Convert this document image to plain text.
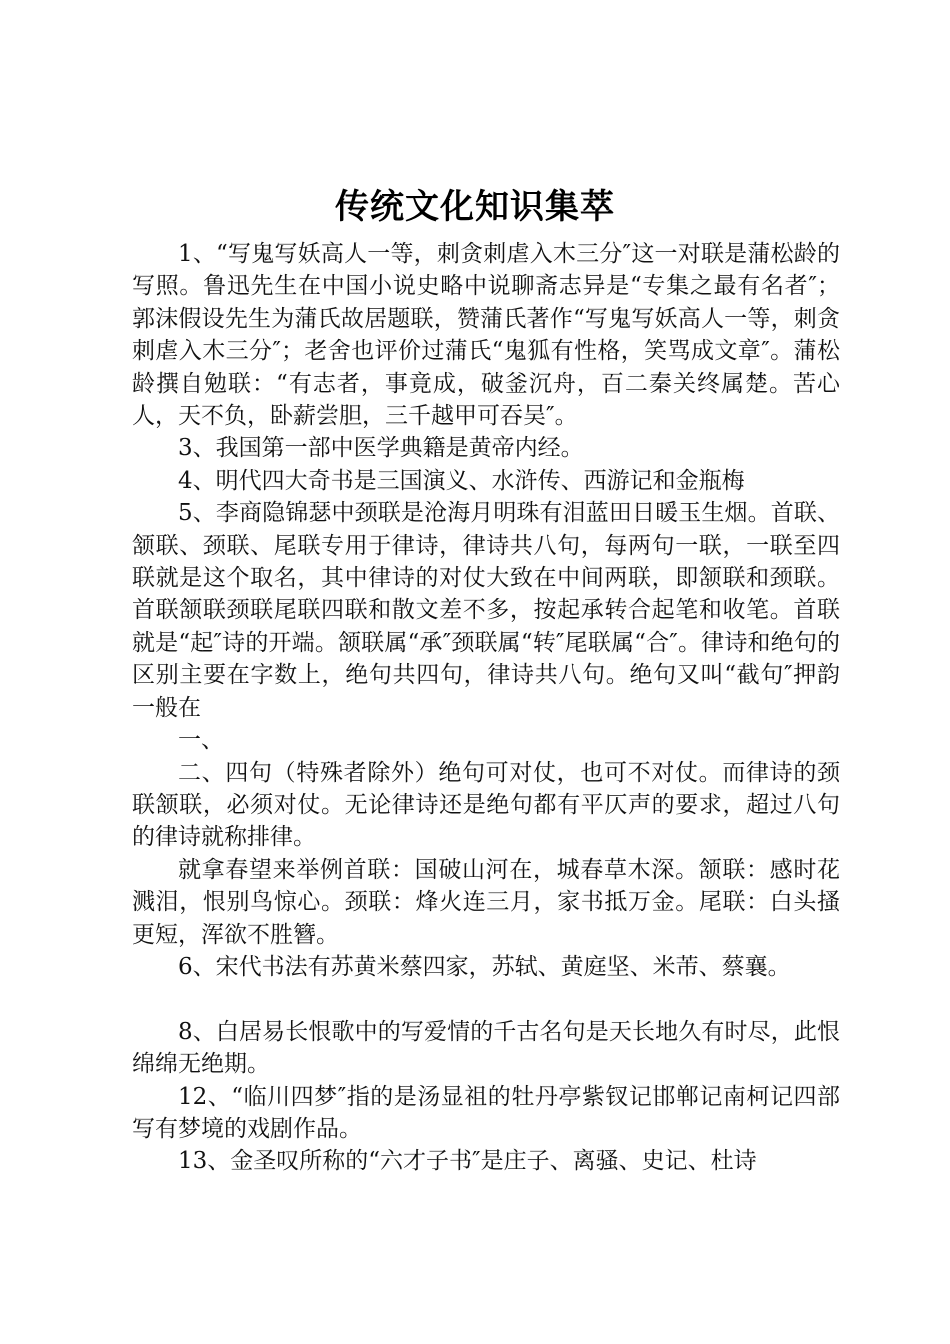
传统文化知识集萃

1、“写鬼写妖高人一等，刺贪刺虐入木三分″这一对联是蒲松龄的写照。鲁迅先生在中国小说史略中说聊斋志异是“专集之最有名者″；郭沫假设先生为蒲氏故居题联，赞蒲氏著作“写鬼写妖高人一等，刺贪刺虐入木三分″；老舍也评价过蒲氏“鬼狐有性格，笑骂成文章″。蒲松龄撰自勉联：“有志者，事竟成，破釜沉舟，百二秦关终属楚。苦心人，天不负，卧薪尝胆，三千越甲可吞吴″。

3、我国第一部中医学典籍是黄帝内经。

4、明代四大奇书是三国演义、水浒传、西游记和金瓶梅

5、李商隐锦瑟中颈联是沧海月明珠有泪蓝田日暖玉生烟。首联、颔联、颈联、尾联专用于律诗，律诗共八句，每两句一联，一联至四联就是这个取名，其中律诗的对仗大致在中间两联，即颔联和颈联。首联颔联颈联尾联四联和散文差不多，按起承转合起笔和收笔。首联就是“起″诗的开端。颔联属“承″颈联属“转″尾联属“合″。律诗和绝句的区别主要在字数上，绝句共四句，律诗共八句。绝句又叫“截句″押韵一般在

一、

二、四句（特殊者除外）绝句可对仗，也可不对仗。而律诗的颈联颔联，必须对仗。无论律诗还是绝句都有平仄声的要求，超过八句的律诗就称排律。

就拿春望来举例首联：国破山河在，城春草木深。颔联：感时花溅泪，恨别鸟惊心。颈联：烽火连三月，家书抵万金。尾联：白头搔更短，浑欲不胜簪。

6、宋代书法有苏黄米蔡四家，苏轼、黄庭坚、米芾、蔡襄。

8、白居易长恨歌中的写爱情的千古名句是天长地久有时尽，此恨绵绵无绝期。

12、“临川四梦″指的是汤显祖的牡丹亭紫钗记邯郸记南柯记四部写有梦境的戏剧作品。

13、金圣叹所称的“六才子书″是庄子、离骚、史记、杜诗
